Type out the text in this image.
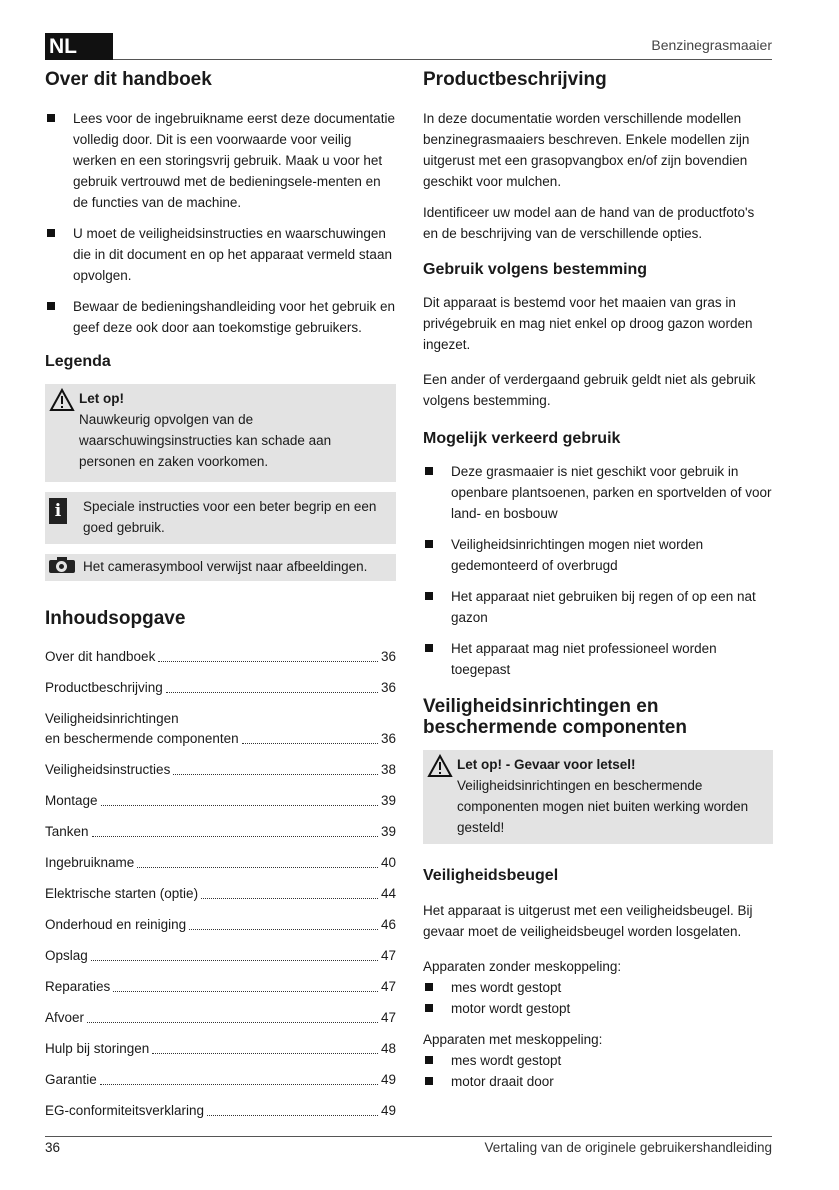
NL	Benzinegrasmaaier
Over dit handboek
Lees voor de ingebruikname eerst deze documentatie volledig door. Dit is een voorwaarde voor veilig werken en een storingsvrij gebruik. Maak u voor het gebruik vertrouwd met de bedieningsele-menten en de functies van de machine.
U moet de veiligheidsinstructies en waarschuwingen die in dit document en op het apparaat vermeld staan opvolgen.
Bewaar de bedieningshandleiding voor het gebruik en geef deze ook door aan toekomstige gebruikers.
Legenda
Let op!
Nauwkeurig opvolgen van de waarschuwingsinstructies kan schade aan personen en zaken voorkomen.
i	Speciale instructies voor een beter begrip en een goed gebruik.
Het camerasymbool verwijst naar afbeeldingen.
Inhoudsopgave
Over dit handboek	36
Productbeschrijving	36
Veiligheidsinrichtingen
en beschermende componenten	36
Veiligheidsinstructies	38
Montage	39
Tanken	39
Ingebruikname	40
Elektrische starten (optie)	44
Onderhoud en reiniging	46
Opslag	47
Reparaties	47
Afvoer	47
Hulp bij storingen	48
Garantie	49
EG-conformiteitsverklaring	49
Productbeschrijving

In deze documentatie worden verschillende modellen benzinegrasmaaiers beschreven. Enkele modellen zijn uitgerust met een grasopvangbox en/of zijn bovendien geschikt voor mulchen.

Identificeer uw model aan de hand van de productfoto's en de beschrijving van de verschillende opties.

Gebruik volgens bestemming

Dit apparaat is bestemd voor het maaien van gras in privégebruik en mag niet enkel op droog gazon worden ingezet.

Een ander of verdergaand gebruik geldt niet als gebruik volgens bestemming.

Mogelijk verkeerd gebruik
Deze grasmaaier is niet geschikt voor gebruik in openbare plantsoenen, parken en sportvelden of voor land- en bosbouw
Veiligheidsinrichtingen mogen niet worden gedemonteerd of overbrugd
Het apparaat niet gebruiken bij regen of op een nat gazon
Het apparaat mag niet professioneel worden toegepast
Veiligheidsinrichtingen en beschermende componenten
Let op! - Gevaar voor letsel!
Veiligheidsinrichtingen en beschermende componenten mogen niet buiten werking worden gesteld!
Veiligheidsbeugel

Het apparaat is uitgerust met een veiligheidsbeugel. Bij gevaar moet de veiligheidsbeugel worden losgelaten.

Apparaten zonder meskoppeling:

mes wordt gestopt
motor wordt gestopt

Apparaten met meskoppeling:

mes wordt gestopt
motor draait door
36	Vertaling van de originele gebruikershandleiding
